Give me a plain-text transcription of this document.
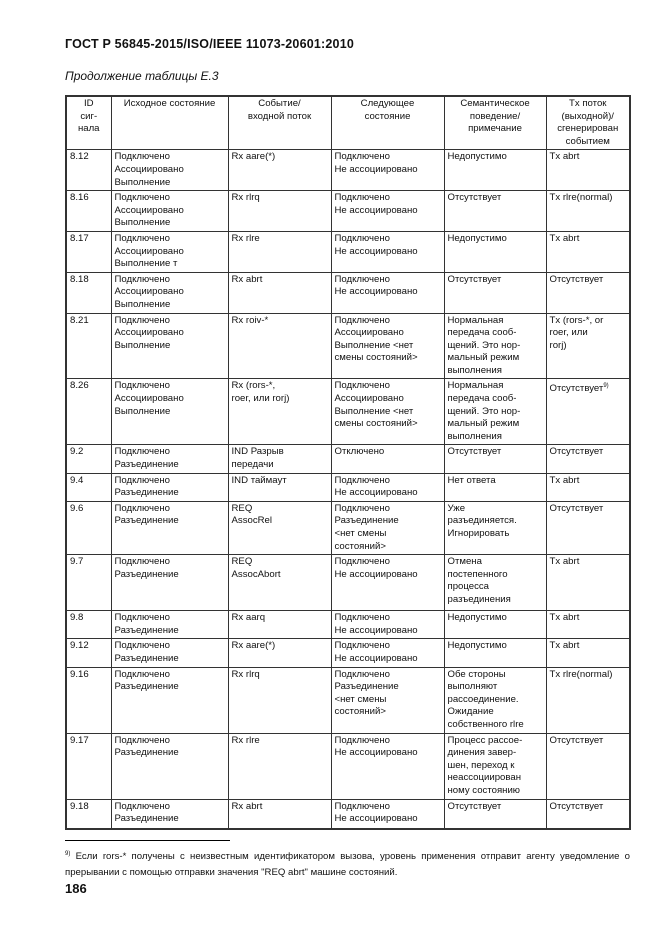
ГОСТ Р 56845-2015/ISO/IEEE 11073-20601:2010
Продолжение таблицы Е.3
ID
сиг-
нала	Исходное состояние	Событие/
входной поток	Следующее
состояние	Семантическое
поведение/
примечание	Tx поток
(выходной)/
сгенерирован
событием
8.12	Подключено
Ассоциировано
Выполнение	Rx aare(*)	Подключено
Не ассоциировано	Недопустимо	Tx abrt
8.16	Подключено
Ассоциировано
Выполнение	Rx rlrq	Подключено
Не ассоциировано	Отсутствует	Tx rlre(normal)
8.17	Подключено
Ассоциировано
Выполнение т	Rx rlre	Подключено
Не ассоциировано	Недопустимо	Tx abrt
8.18	Подключено
Ассоциировано
Выполнение	Rx abrt	Подключено
Не ассоциировано	Отсутствует	Отсутствует
8.21	Подключено
Ассоциировано
Выполнение	Rx roiv-*	Подключено
Ассоциировано
Выполнение <нет
смены состояний>	Нормальная
передача сооб-
щений. Это нор-
мальный режим
выполнения	Tx (rors-*, or
roer, или
rorj)
8.26	Подключено
Ассоциировано
Выполнение	Rx (rors-*,
roer, или rorj)	Подключено
Ассоциировано
Выполнение <нет
смены состояний>	Нормальная
передача сооб-
щений. Это нор-
мальный режим
выполнения	Отсутствует$^{9)}$
9.2	Подключено
Разъединение	IND Разрыв
передачи	Отключено	Отсутствует	Отсутствует
9.4	Подключено
Разъединение	IND таймаут	Подключено
Не ассоциировано	Нет ответа	Tx abrt
9.6	Подключено
Разъединение	REQ
AssocRel	Подключено
Разъединение
<нет смены
состояний>	Уже
разъединяется.
Игнорировать	Отсутствует
9.7	Подключено
Разъединение	REQ
AssocAbort	Подключено
Не ассоциировано	Отмена
постепенного
процесса
разъединения	Tx abrt
9.8	Подключено
Разъединение	Rx aarq	Подключено
Не ассоциировано	Недопустимо	Tx abrt
9.12	Подключено
Разъединение	Rx aare(*)	Подключено
Не ассоциировано	Недопустимо	Tx abrt
9.16	Подключено
Разъединение	Rx rlrq	Подключено
Разъединение
<нет смены
состояний>	Обе стороны
выполняют
рассоединение.
Ожидание
собственного rlre	Tx rlre(normal)
9.17	Подключено
Разъединение	Rx rlre	Подключено
Не ассоциировано	Процесс рассое-
динения завер-
шен, переход к
неассоциирован
ному состоянию	Отсутствует
9.18	Подключено
Разъединение	Rx abrt	Подключено
Не ассоциировано	Отсутствует	Отсутствует
$^{9)}$ Если rors-* получены с неизвестным идентификатором вызова, уровень применения отправит агенту уведомление о прерывании с помощью отправки значения "REQ abrt" машине состояний.
186
